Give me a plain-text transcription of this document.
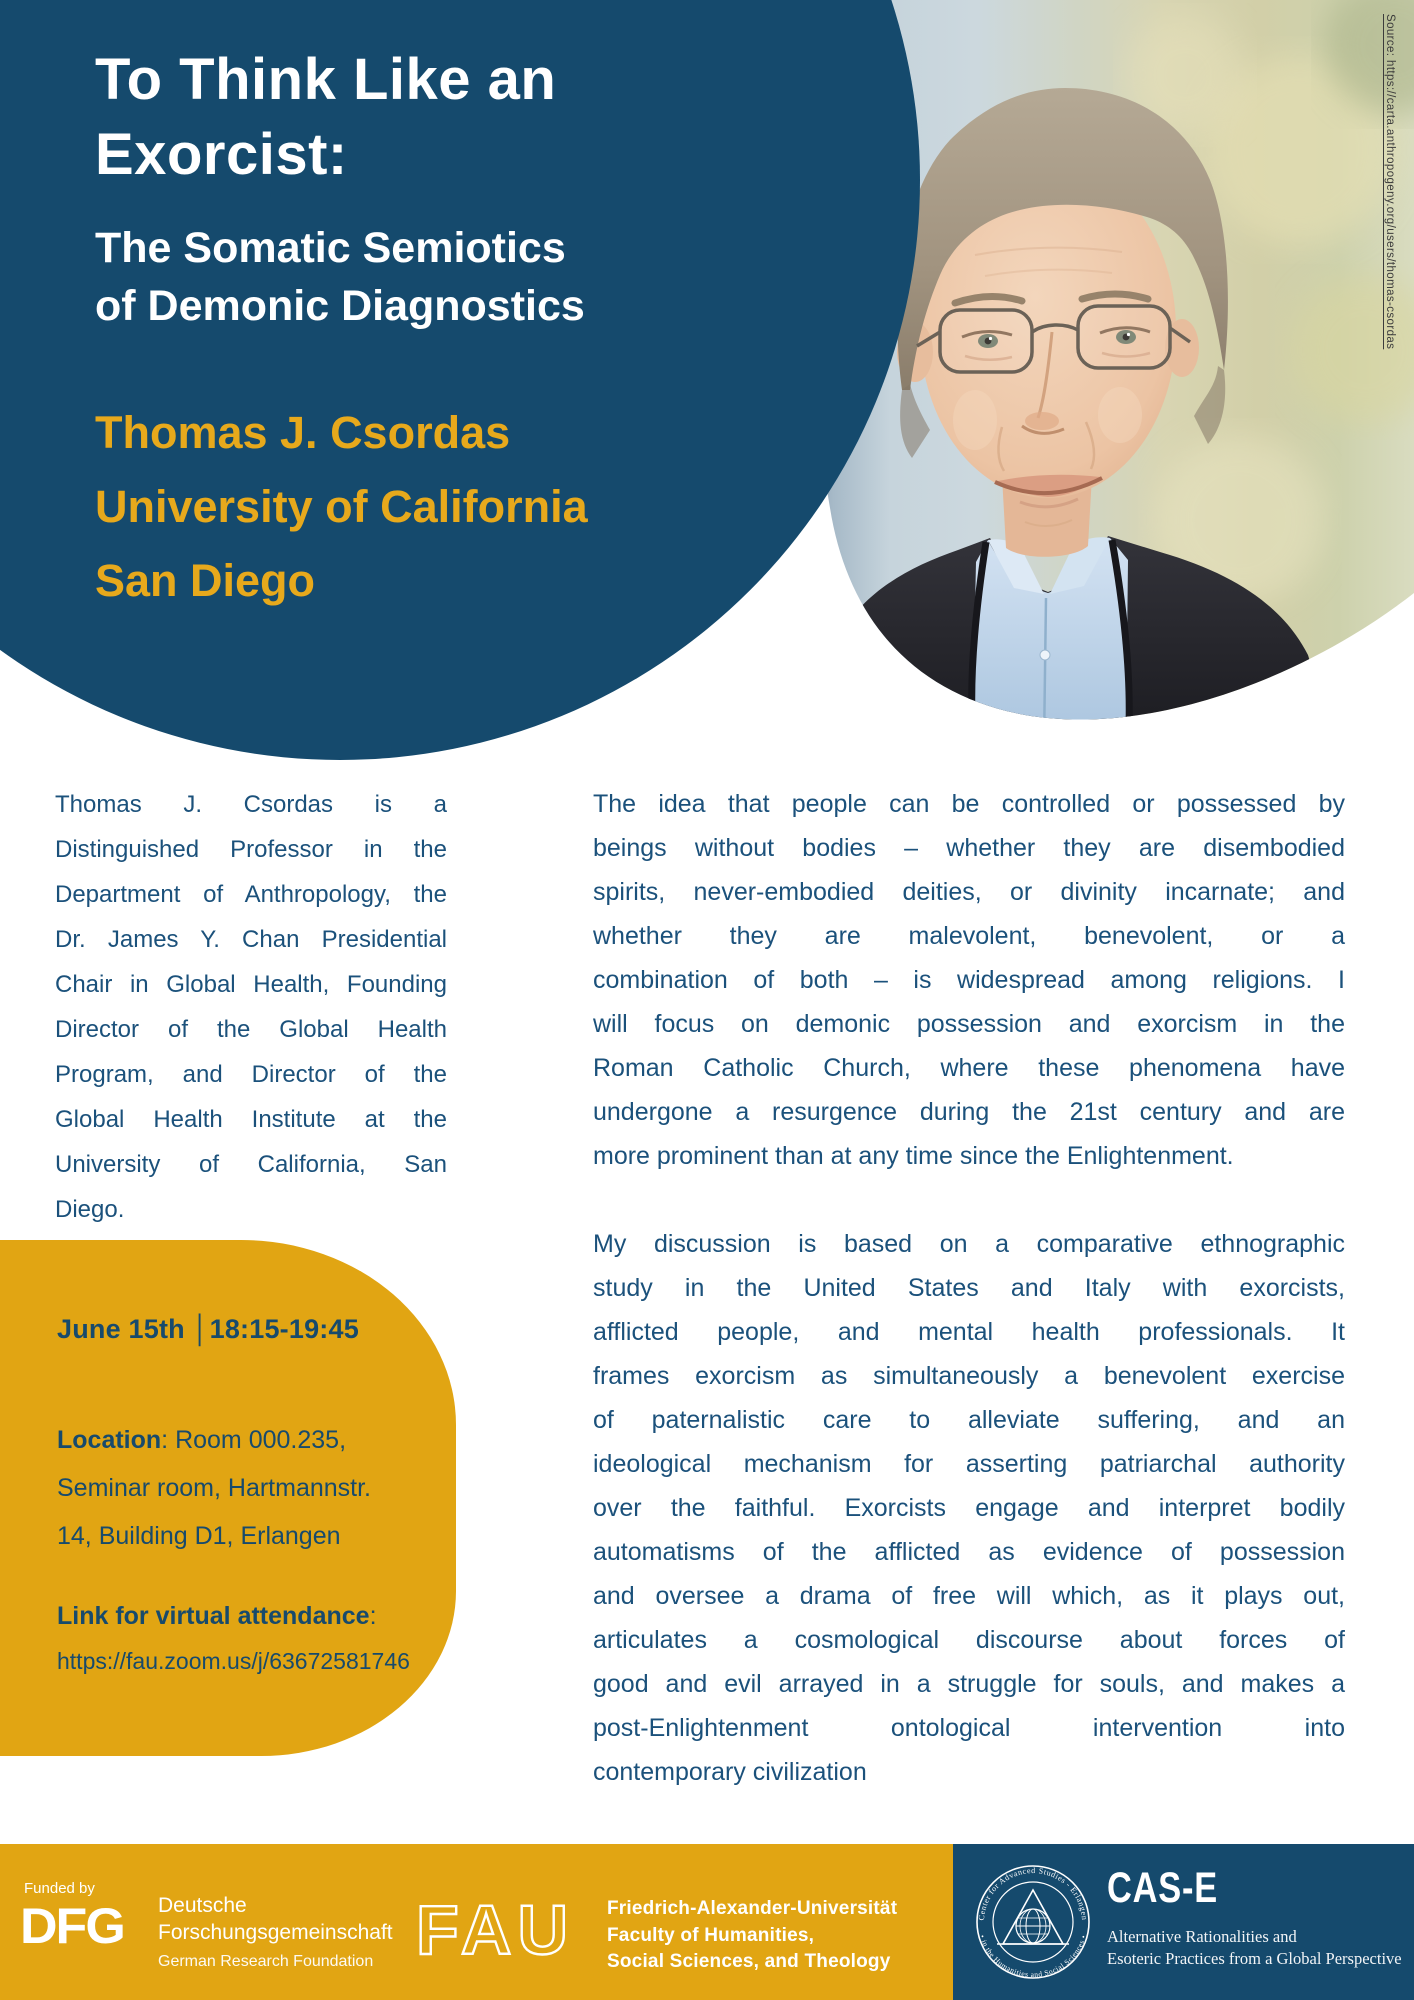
To Think Like an
Exorcist:
The Somatic Semiotics
of Demonic Diagnostics
Thomas J. Csordas
University of California
San Diego
Source: https://carta.anthropogeny.org/users/thomas-csordas
Thomas J. Csordas is a
Distinguished Professor in the
Department of Anthropology, the
Dr. James Y. Chan Presidential
Chair in Global Health, Founding
Director of the Global Health
Program, and Director of the
Global Health Institute at the
University of California, San
Diego.
The idea that people can be controlled or possessed by
beings without bodies – whether they are disembodied
spirits, never-embodied deities, or divinity incarnate; and
whether they are malevolent, benevolent, or a
combination of both – is widespread among religions. I
will focus on demonic possession and exorcism in the
Roman Catholic Church, where these phenomena have
undergone a resurgence during the 21st century and are
more prominent than at any time since the Enlightenment.
My discussion is based on a comparative ethnographic
study in the United States and Italy with exorcists,
afflicted people, and mental health professionals. It
frames exorcism as simultaneously a benevolent exercise
of paternalistic care to alleviate suffering, and an
ideological mechanism for asserting patriarchal authority
over the faithful. Exorcists engage and interpret bodily
automatisms of the afflicted as evidence of possession
and oversee a drama of free will which, as it plays out,
articulates a cosmological discourse about forces of
good and evil arrayed in a struggle for souls, and makes a
post-Enlightenment ontological intervention into
contemporary civilization
June 15th │18:15-19:45
Location: Room 000.235,
Seminar room, Hartmannstr.
14, Building D1, Erlangen
Link for virtual attendance:
https://fau.zoom.us/j/63672581746
Funded by
DFG Deutsche
Forschungsgemeinschaft
German Research Foundation FAU Friedrich-Alexander-Universität
Faculty of Humanities,
Social Sciences, and Theology
Center for Advanced Studies - Erlangen
• in the Humanities and Social Sciences •
CAS-E
Alternative Rationalities and
Esoteric Practices from a Global Perspective
